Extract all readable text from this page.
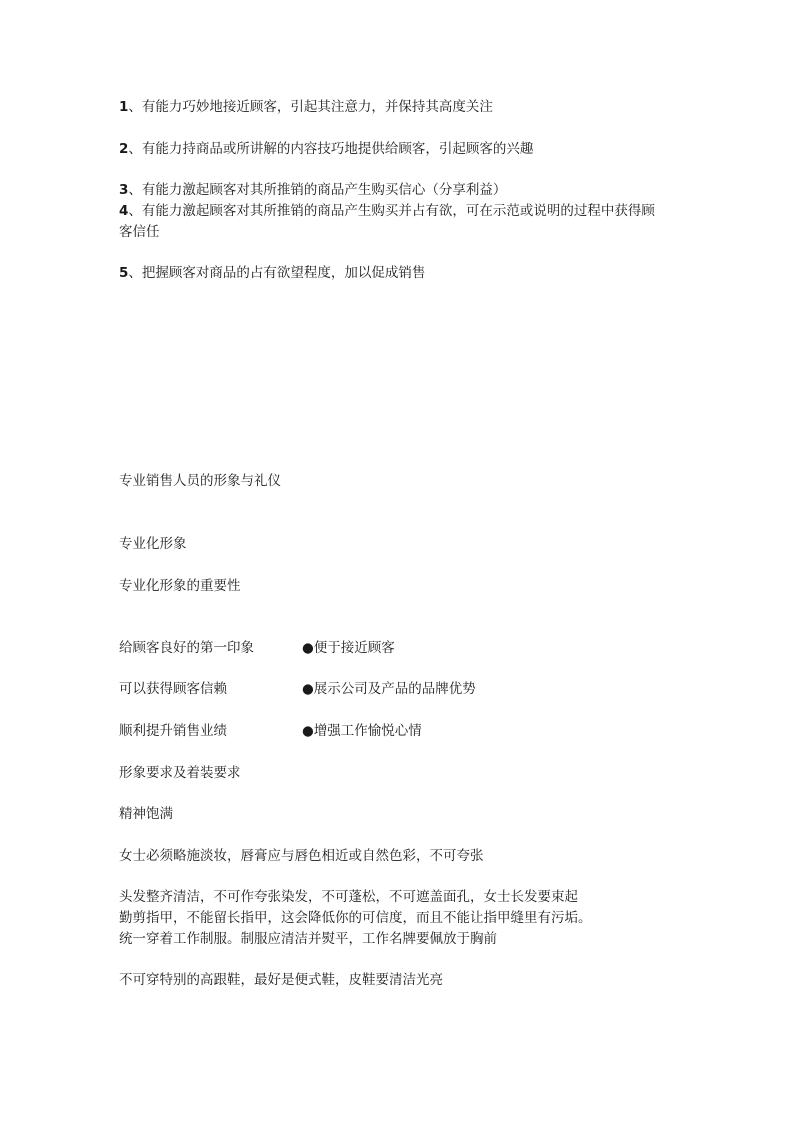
1、有能力巧妙地接近顾客，引起其注意力，并保持其高度关注

2、有能力持商品或所讲解的内容技巧地提供给顾客，引起顾客的兴趣

3、有能力激起顾客对其所推销的商品产生购买信心（分享利益）

4、有能力激起顾客对其所推销的商品产生购买并占有欲，可在示范或说明的过程中获得顾

客信任

5、把握顾客对商品的占有欲望程度，加以促成销售

专业销售人员的形象与礼仪

专业化形象

专业化形象的重要性

给顾客良好的第一印象	●便于接近顾客

可以获得顾客信赖	●展示公司及产品的品牌优势

顺利提升销售业绩	●增强工作愉悦心情

形象要求及着装要求

精神饱满

女士必须略施淡妆，唇膏应与唇色相近或自然色彩，不可夸张

头发整齐清洁，不可作夸张染发，不可蓬松，不可遮盖面孔，女士长发要束起

勤剪指甲，不能留长指甲，这会降低你的可信度，而且不能让指甲缝里有污垢。

统一穿着工作制服。制服应清洁并熨平，工作名牌要佩放于胸前

不可穿特别的高跟鞋，最好是便式鞋，皮鞋要清洁光亮
